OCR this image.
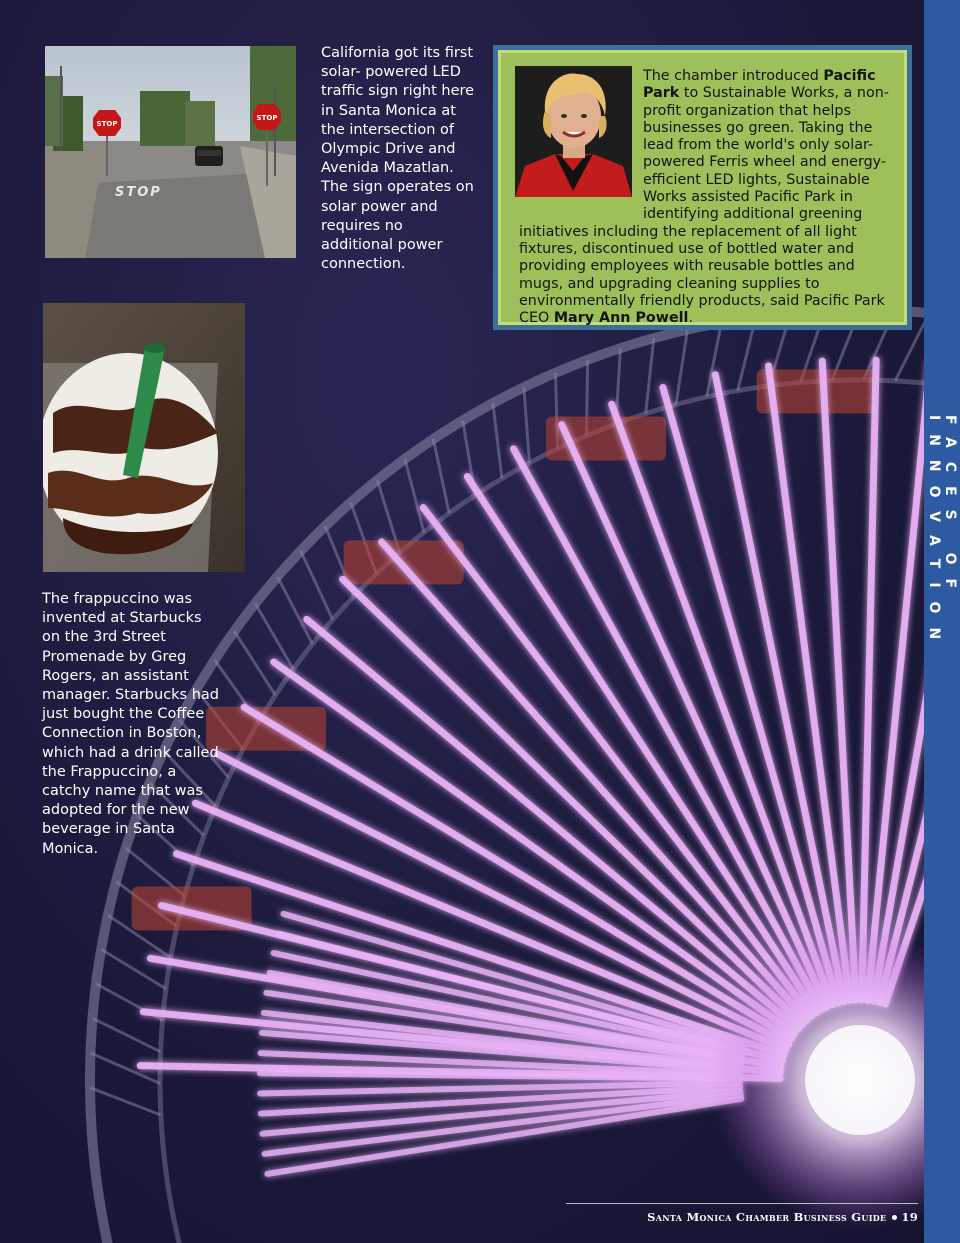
STOP
STOP
STOP
California got its first solar- powered LED traffic sign right here in Santa Monica at the intersection of Olympic Drive and Avenida Mazatlan. The sign operates on solar power and requires no additional power connection.
The chamber introduced Pacific Park to Sustainable Works, a non-profit organization that helps businesses go green. Taking the lead from the world's only solar-powered Ferris wheel and energy-efficient LED lights, Sustainable Works assisted Pacific Park in identifying additional greening initiatives including the replacement of all light fixtures, discontinued use of bottled water and providing employees with reusable bottles and mugs, and upgrading cleaning supplies to environmentally friendly products, said Pacific Park CEO Mary Ann Powell.
The frappuccino was invented at Starbucks on the 3rd Street Promenade by Greg Rogers, an assistant manager. Starbucks had just bought the Coffee Connection in Boston, which had a drink called the Frappuccino, a catchy name that was adopted for the new beverage in Santa Monica.
FACES OF INNOVATION
Santa Monica Chamber Business Guide 19
